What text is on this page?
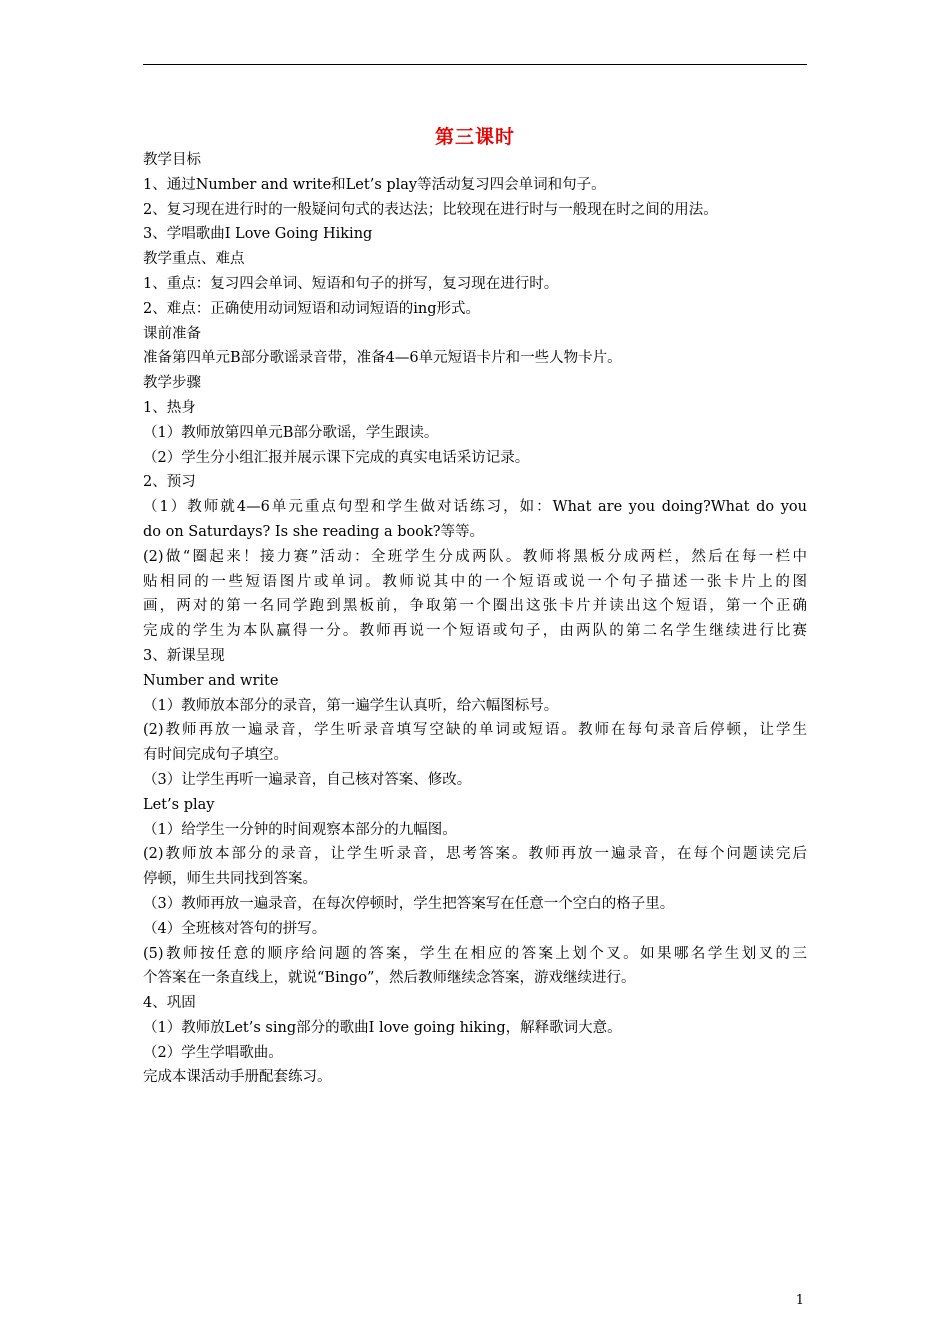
第三课时
教学目标
1、通过Number and write和Let’s play等活动复习四会单词和句子。
2、复习现在进行时的一般疑问句式的表达法；比较现在进行时与一般现在时之间的用法。
3、学唱歌曲I Love Going Hiking
教学重点、难点
1、重点：复习四会单词、短语和句子的拼写，复习现在进行时。
2、难点：正确使用动词短语和动词短语的ing形式。
课前准备
准备第四单元B部分歌谣录音带，准备4—6单元短语卡片和一些人物卡片。
教学步骤
1、热身
（1）教师放第四单元B部分歌谣，学生跟读。
（2）学生分小组汇报并展示课下完成的真实电话采访记录。
2、预习
（1）教师就4—6单元重点句型和学生做对话练习，如：What are you doing?What do you
do on Saturdays? Is she reading a book?等等。
(2)做“圈起来！接力赛”活动：全班学生分成两队。教师将黑板分成两栏，然后在每一栏中
贴相同的一些短语图片或单词。教师说其中的一个短语或说一个句子描述一张卡片上的图
画，两对的第一名同学跑到黑板前，争取第一个圈出这张卡片并读出这个短语，第一个正确
完成的学生为本队赢得一分。教师再说一个短语或句子，由两队的第二名学生继续进行比赛
3、新课呈现
Number and write
（1）教师放本部分的录音，第一遍学生认真听，给六幅图标号。
(2)教师再放一遍录音，学生听录音填写空缺的单词或短语。教师在每句录音后停顿，让学生
有时间完成句子填空。
（3）让学生再听一遍录音，自己核对答案、修改。
Let’s play
（1）给学生一分钟的时间观察本部分的九幅图。
(2)教师放本部分的录音，让学生听录音，思考答案。教师再放一遍录音，在每个问题读完后
停顿，师生共同找到答案。
（3）教师再放一遍录音，在每次停顿时，学生把答案写在任意一个空白的格子里。
（4）全班核对答句的拼写。
(5)教师按任意的顺序给问题的答案，学生在相应的答案上划个叉。如果哪名学生划叉的三
个答案在一条直线上，就说“Bingo”，然后教师继续念答案，游戏继续进行。
4、巩固
（1）教师放Let’s sing部分的歌曲I love going hiking，解释歌词大意。
（2）学生学唱歌曲。
完成本课活动手册配套练习。
1
